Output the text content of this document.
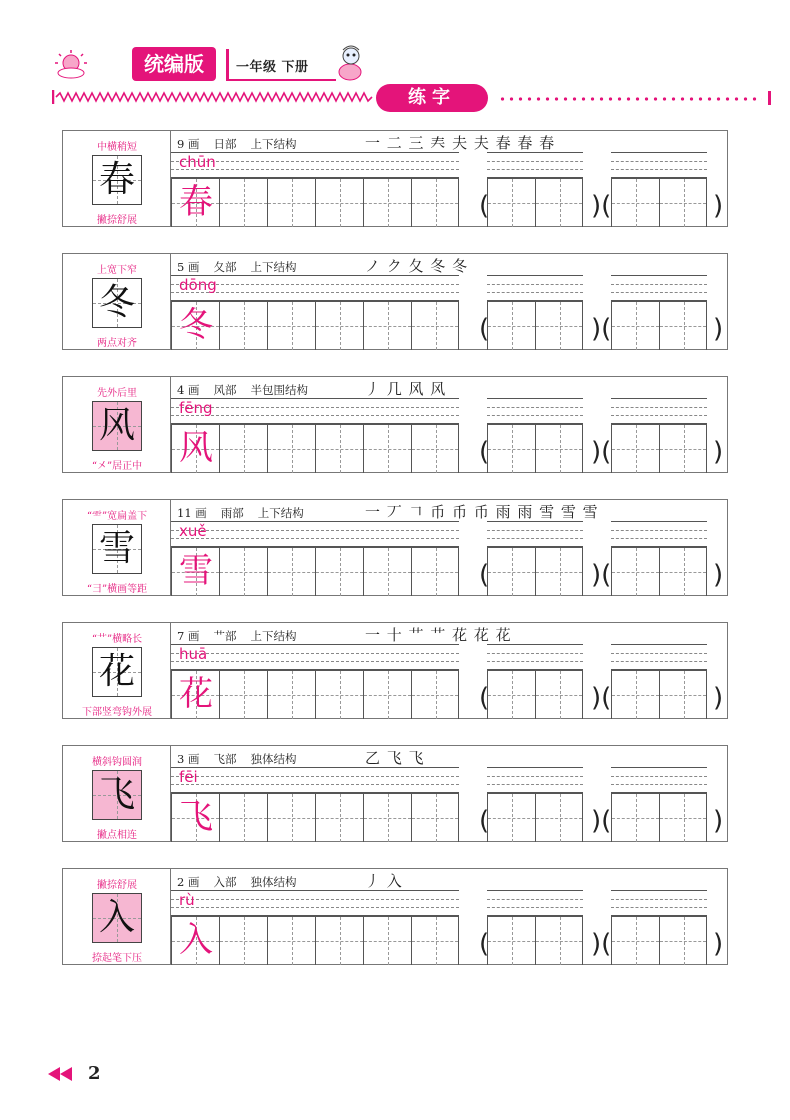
统编版	一年级 下册
练字
中横稍短
春
撇捺舒展
9 画 日部 上下结构	一 二 三 𡗗 夫 夫 春 春 春
(	)(	)
chūn
春
上宽下窄
冬
两点对齐
5 画 夂部 上下结构	ノ ク 夂 冬 冬
(	)(	)
dōng
冬
先外后里
风
“㐅”居正中
4 画 风部 半包围结构	丿 几 风 风
(	)(	)
fēng
风
“⻗”宽扁盖下
雪
“彐”横画等距
11 画 雨部 上下结构	一 丆 𠃍 币 币 币 雨 雨 雪 雪 雪
(	)(	)
xuě
雪
“艹”横略长
花
下部竖弯钩外展
7 画 艹部 上下结构	一 十 艹 艹 花 花 花
(	)(	)
huā
花
横斜钩圆润
飞
撇点相连
3 画 飞部 独体结构	乙 飞 飞
(	)(	)
fēi
飞
撇捺舒展
入
捺起笔下压
2 画 入部 独体结构	丿 入
(	)(	)
rù
入
2
